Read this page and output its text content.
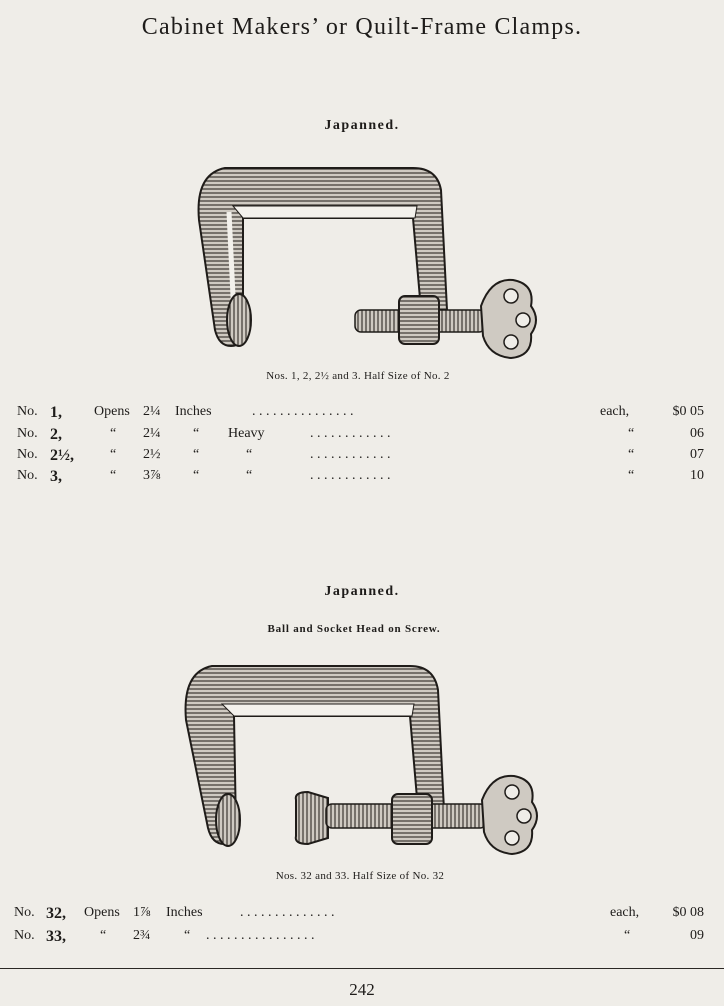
Cabinet Makers’ or Quilt-Frame Clamps.
Japanned.
Nos. 1, 2, 2½ and 3. Half Size of No. 2
No. 1, Opens 2¼ Inches	. . . . . . . . . . . . . . .	each,	$0 05
No. 2,	“ 2¼ “ Heavy	. . . . . . . . . . . .	“	06
No. 2½,	“ 2½ “	“	. . . . . . . . . . . .	“	07
No. 3,	“ 3⅞ “	“	. . . . . . . . . . . .	“	10
Japanned.
Ball and Socket Head on Screw.
Nos. 32 and 33. Half Size of No. 32
No. 32, Opens 1⅞ Inches	. . . . . . . . . . . . . .	each, $0 08
No. 33, “ 2¾ “ . . . . . . . . . . . . . . . .	“	09
242
